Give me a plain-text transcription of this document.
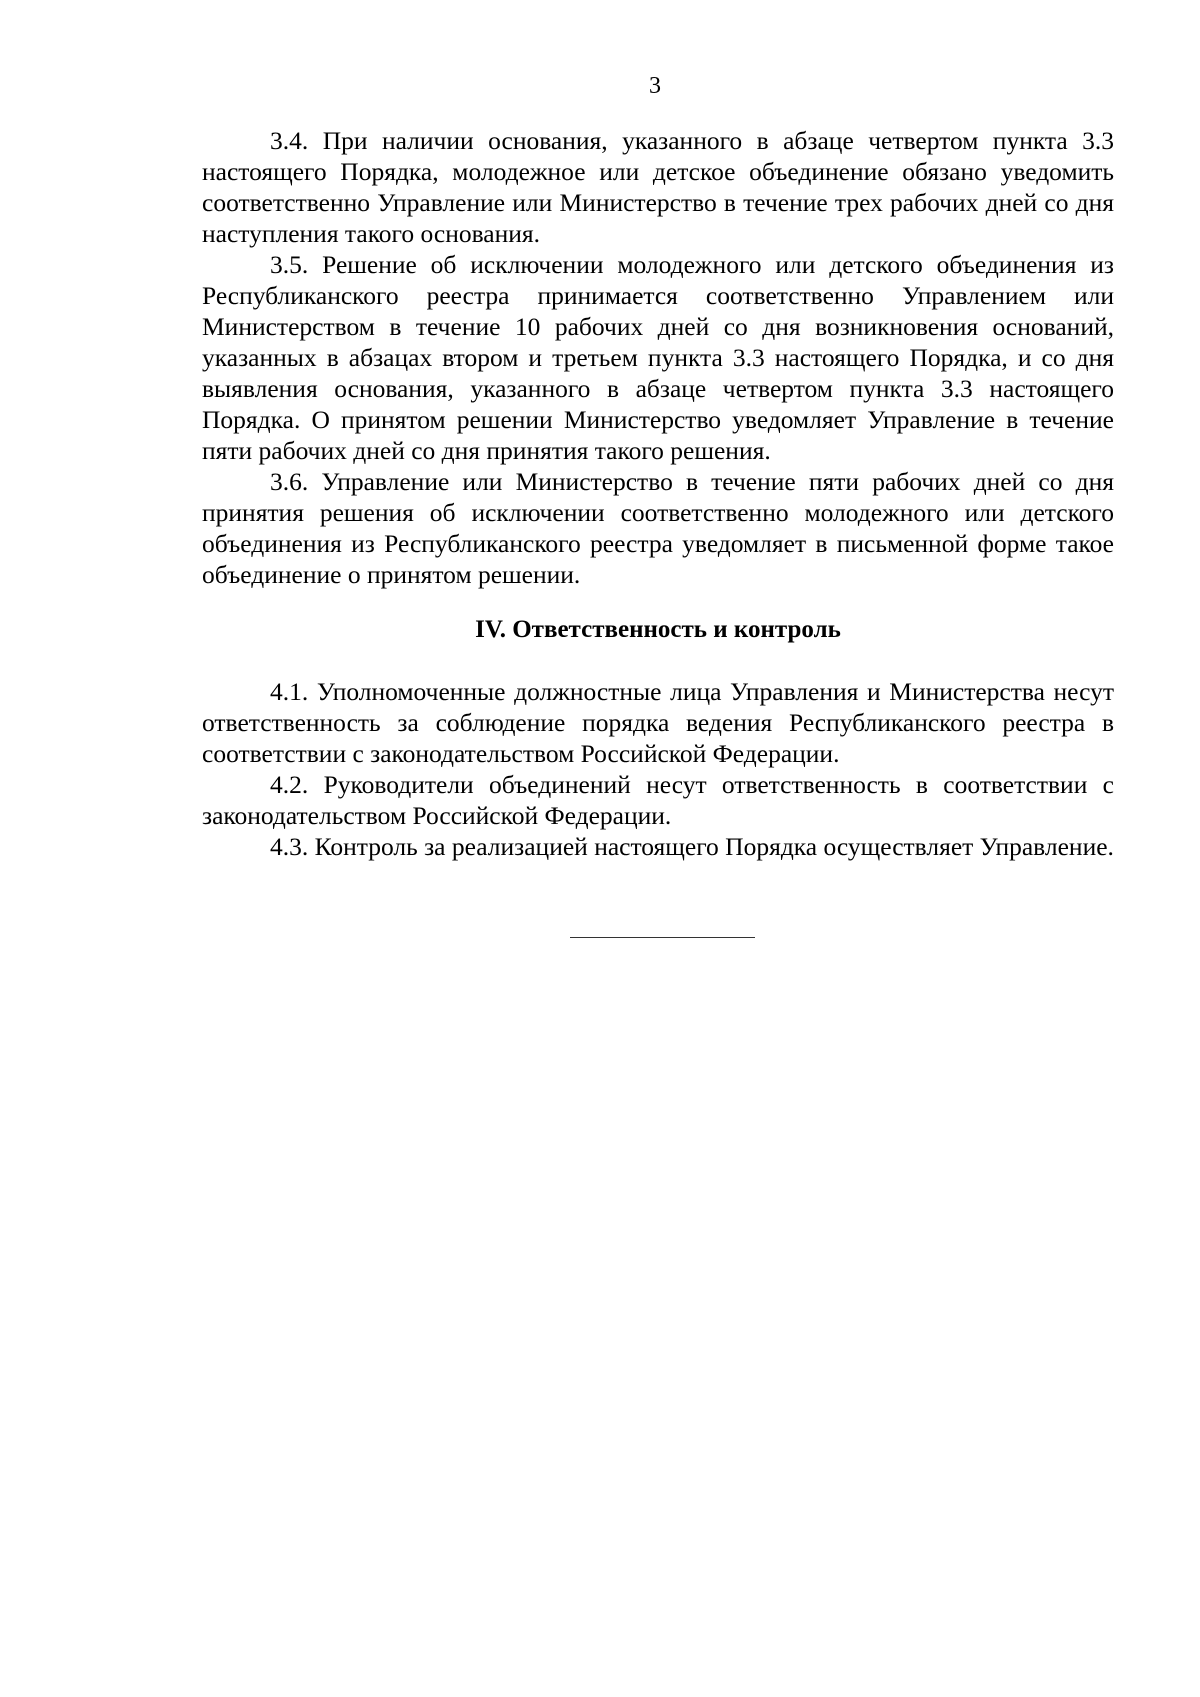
3

3.4. При наличии основания, указанного в абзаце четвертом пункта 3.3 настоящего Порядка, молодежное или детское объединение обязано уведомить соответственно Управление или Министерство в течение трех рабочих дней со дня наступления такого основания.

3.5. Решение об исключении молодежного или детского объединения из Республиканского реестра принимается соответственно Управлением или Министерством в течение 10 рабочих дней со дня возникновения оснований, указанных в абзацах втором и третьем пункта 3.3 настоящего Порядка, и со дня выявления основания, указанного в абзаце четвертом пункта 3.3 настоящего Порядка. О принятом решении Министерство уведомляет Управление в течение пяти рабочих дней со дня принятия такого решения.

3.6. Управление или Министерство в течение пяти рабочих дней со дня принятия решения об исключении соответственно молодежного или детского объединения из Республиканского реестра уведомляет в письменной форме такое объединение о принятом решении.

IV. Ответственность и контроль

4.1. Уполномоченные должностные лица Управления и Министерства несут ответственность за соблюдение порядка ведения Республиканского реестра в соответствии с законодательством Российской Федерации.

4.2. Руководители объединений несут ответственность в соответствии с законодательством Российской Федерации.

4.3. Контроль за реализацией настоящего Порядка осуществляет Управление.
